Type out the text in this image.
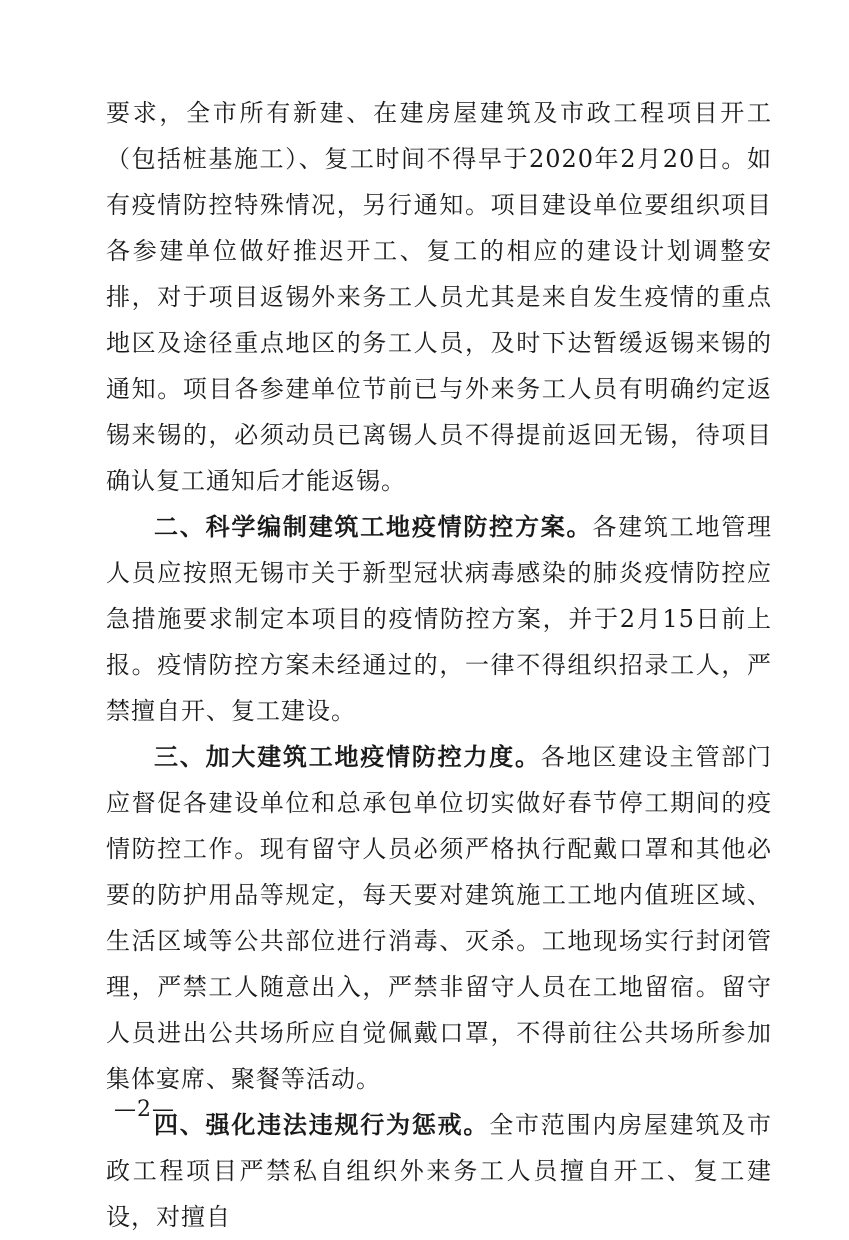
要求，全市所有新建、在建房屋建筑及市政工程项目开工（包括桩基施工）、复工时间不得早于2020年2月20日。如有疫情防控特殊情况，另行通知。项目建设单位要组织项目各参建单位做好推迟开工、复工的相应的建设计划调整安排，对于项目返锡外来务工人员尤其是来自发生疫情的重点地区及途径重点地区的务工人员，及时下达暂缓返锡来锡的通知。项目各参建单位节前已与外来务工人员有明确约定返锡来锡的，必须动员已离锡人员不得提前返回无锡，待项目确认复工通知后才能返锡。

二、科学编制建筑工地疫情防控方案。各建筑工地管理人员应按照无锡市关于新型冠状病毒感染的肺炎疫情防控应急措施要求制定本项目的疫情防控方案，并于2月15日前上报。疫情防控方案未经通过的，一律不得组织招录工人，严禁擅自开、复工建设。

三、加大建筑工地疫情防控力度。各地区建设主管部门应督促各建设单位和总承包单位切实做好春节停工期间的疫情防控工作。现有留守人员必须严格执行配戴口罩和其他必要的防护用品等规定，每天要对建筑施工工地内值班区域、生活区域等公共部位进行消毒、灭杀。工地现场实行封闭管理，严禁工人随意出入，严禁非留守人员在工地留宿。留守人员进出公共场所应自觉佩戴口罩，不得前往公共场所参加集体宴席、聚餐等活动。

四、强化违法违规行为惩戒。全市范围内房屋建筑及市政工程项目严禁私自组织外来务工人员擅自开工、复工建设，对擅自

—2—
